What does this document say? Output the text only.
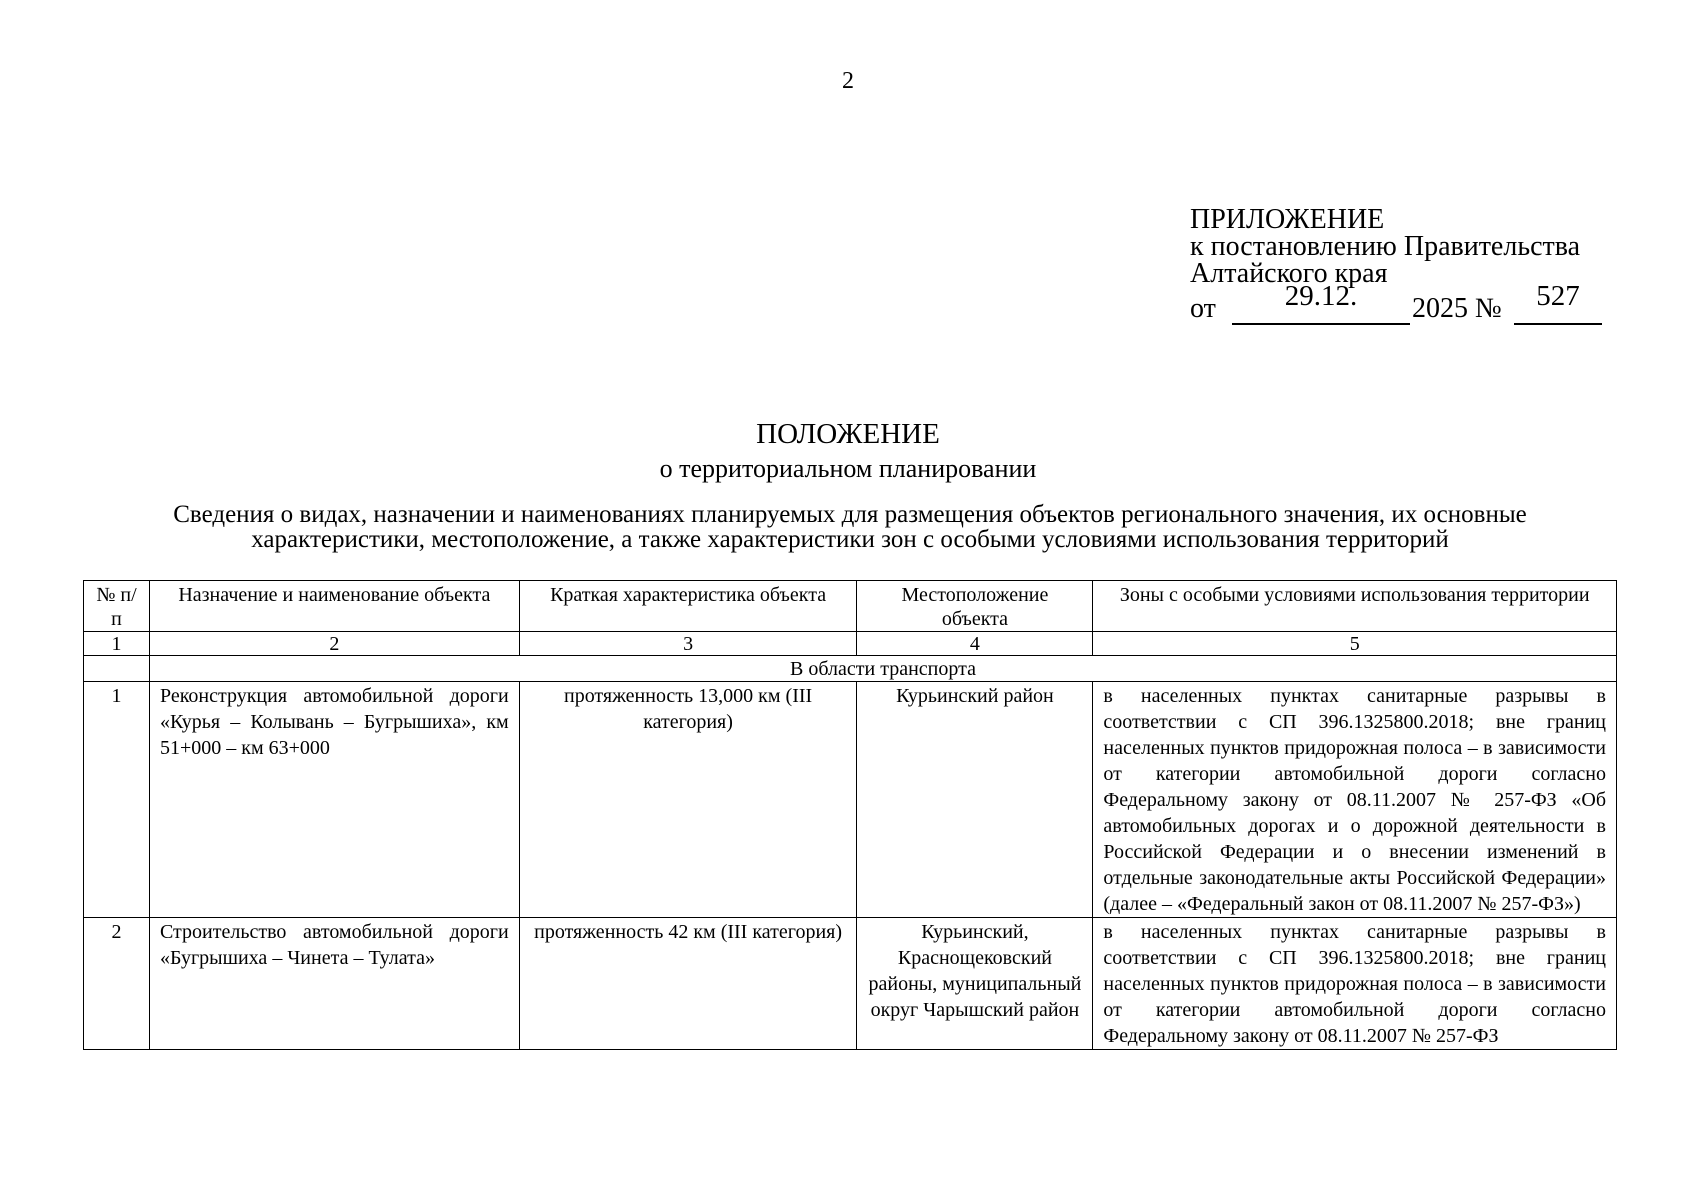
2
ПРИЛОЖЕНИЕ
к постановлению Правительства
Алтайского края
от	29.12.	2025 №	527
ПОЛОЖЕНИЕ
о территориальном планировании
Сведения о видах, назначении и наименованиях планируемых для размещения объектов регионального значения, их основные характеристики, местоположение, а также характеристики зон с особыми условиями использования территорий
№ п/п	Назначение и наименование объекта	Краткая характеристика объекта	Местоположение объекта	Зоны с особыми условиями использования территории
1	2	3	4	5
	В области транспорта			
1	Реконструкция автомобильной дороги «Курья – Колывань – Бугрышиха», км 51+000 – км 63+000	протяженность 13,000 км (III категория)	Курьинский район	в населенных пунктах санитарные разрывы в соответствии с СП 396.1325800.2018; вне границ населенных пунктов придорожная полоса – в зависимости от категории автомобильной дороги согласно Федеральному закону от 08.11.2007 № 257-ФЗ «Об автомобильных дорогах и о дорожной деятельности в Российской Федерации и о внесении изменений в отдельные законодательные акты Российской Федерации» (далее – «Федеральный закон от 08.11.2007 № 257-ФЗ»)
2	Строительство автомобильной дороги «Бугрышиха – Чинета – Тулата»	протяженность 42 км (III категория)	Курьинский, Краснощековский районы, муниципальный округ Чарышский район	в населенных пунктах санитарные разрывы в соответствии с СП 396.1325800.2018; вне границ населенных пунктов придорожная полоса – в зависимости от категории автомобильной дороги согласно Федеральному закону от 08.11.2007 № 257-ФЗ
